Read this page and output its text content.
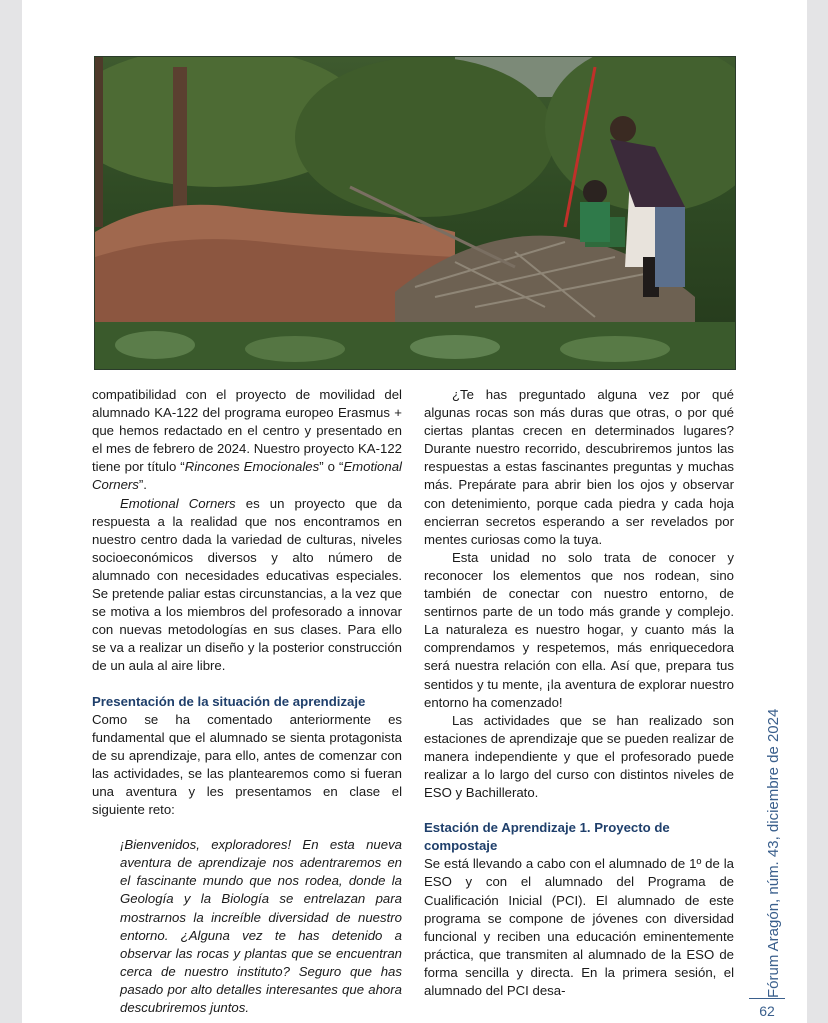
compatibilidad con el proyecto de movilidad del alumnado KA-122 del programa europeo Erasmus + que hemos redactado en el centro y presentado en el mes de febrero de 2024. Nuestro proyecto KA-122 tiene por título “Rincones Emocionales” o “Emotional Corners”.

Emotional Corners es un proyecto que da respuesta a la realidad que nos encontramos en nuestro centro dada la variedad de culturas, niveles socioeconómicos diversos y alto número de alumnado con necesidades educativas especiales. Se pretende paliar estas circunstancias, a la vez que se motiva a los miembros del profesorado a innovar con nuevas metodologías en sus clases. Para ello se va a realizar un diseño y la posterior construcción de un aula al aire libre.

Presentación de la situación de aprendizaje

Como se ha comentado anteriormente es fundamental que el alumnado se sienta protagonista de su aprendizaje, para ello, antes de comenzar con las actividades, se las plantearemos como si fueran una aventura y les presentamos en clase el siguiente reto:

¡Bienvenidos, exploradores! En esta nueva aventura de aprendizaje nos adentraremos en el fascinante mundo que nos rodea, donde la Geología y la Biología se entrelazan para mostrarnos la increíble diversidad de nuestro entorno. ¿Alguna vez te has detenido a observar las rocas y plantas que se encuentran cerca de nuestro instituto? Seguro que has pasado por alto detalles interesantes que ahora descubriremos juntos.

¿Te has preguntado alguna vez por qué algunas rocas son más duras que otras, o por qué ciertas plantas crecen en determinados lugares? Durante nuestro recorrido, descubriremos juntos las respuestas a estas fascinantes preguntas y muchas más. Prepárate para abrir bien los ojos y observar con detenimiento, porque cada piedra y cada hoja encierran secretos esperando a ser revelados por mentes curiosas como la tuya.

Esta unidad no solo trata de conocer y reconocer los elementos que nos rodean, sino también de conectar con nuestro entorno, de sentirnos parte de un todo más grande y complejo. La naturaleza es nuestro hogar, y cuanto más la comprendamos y respetemos, más enriquecedora será nuestra relación con ella. Así que, prepara tus sentidos y tu mente, ¡la aventura de explorar nuestro entorno ha comenzado!

Las actividades que se han realizado son estaciones de aprendizaje que se pueden realizar de manera independiente y que el profesorado puede realizar a lo largo del curso con distintos niveles de ESO y Bachillerato.

Estación de Aprendizaje 1. Proyecto de compostaje

Se está llevando a cabo con el alumnado de 1º de la ESO y con el alumnado del Programa de Cualificación Inicial (PCI). El alumnado de este programa se compone de jóvenes con diversidad funcional y reciben una educación eminentemente práctica, que transmiten al alumnado de la ESO de forma sencilla y directa. En la primera sesión, el alumnado del PCI desa-	Fórum Aragón, núm. 43, diciembre de 2024
62
